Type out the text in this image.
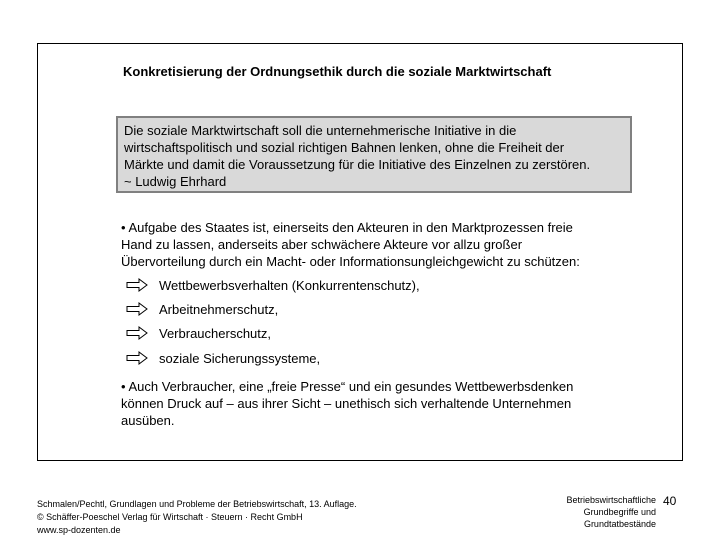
Konkretisierung der Ordnungsethik durch die soziale Marktwirtschaft

Die soziale Marktwirtschaft soll die unternehmerische Initiative in die

wirtschaftspolitisch und sozial richtigen Bahnen lenken, ohne die Freiheit der

Märkte und damit die Voraussetzung für die Initiative des Einzelnen zu zerstören.

~ Ludwig Ehrhard

• Aufgabe des Staates ist, einerseits den Akteuren in den Marktprozessen freie

Hand zu lassen, anderseits aber schwächere Akteure vor allzu großer

Übervorteilung durch ein Macht- oder Informationsungleichgewicht zu schützen:

Wettbewerbsverhalten (Konkurrentenschutz),
Arbeitnehmerschutz,
Verbraucherschutz,
soziale Sicherungssysteme,

• Auch Verbraucher, eine „freie Presse“ und ein gesundes Wettbewerbsdenken

können Druck auf – aus ihrer Sicht – unethisch sich verhaltende Unternehmen

ausüben.

Schmalen/Pechtl, Grundlagen und Probleme der Betriebswirtschaft, 13. Auflage.
© Schäffer-Poeschel Verlag für Wirtschaft · Steuern · Recht GmbH
www.sp-dozenten.de
Betriebswirtschaftliche
Grundbegriffe und
Grundtatbestände
40
